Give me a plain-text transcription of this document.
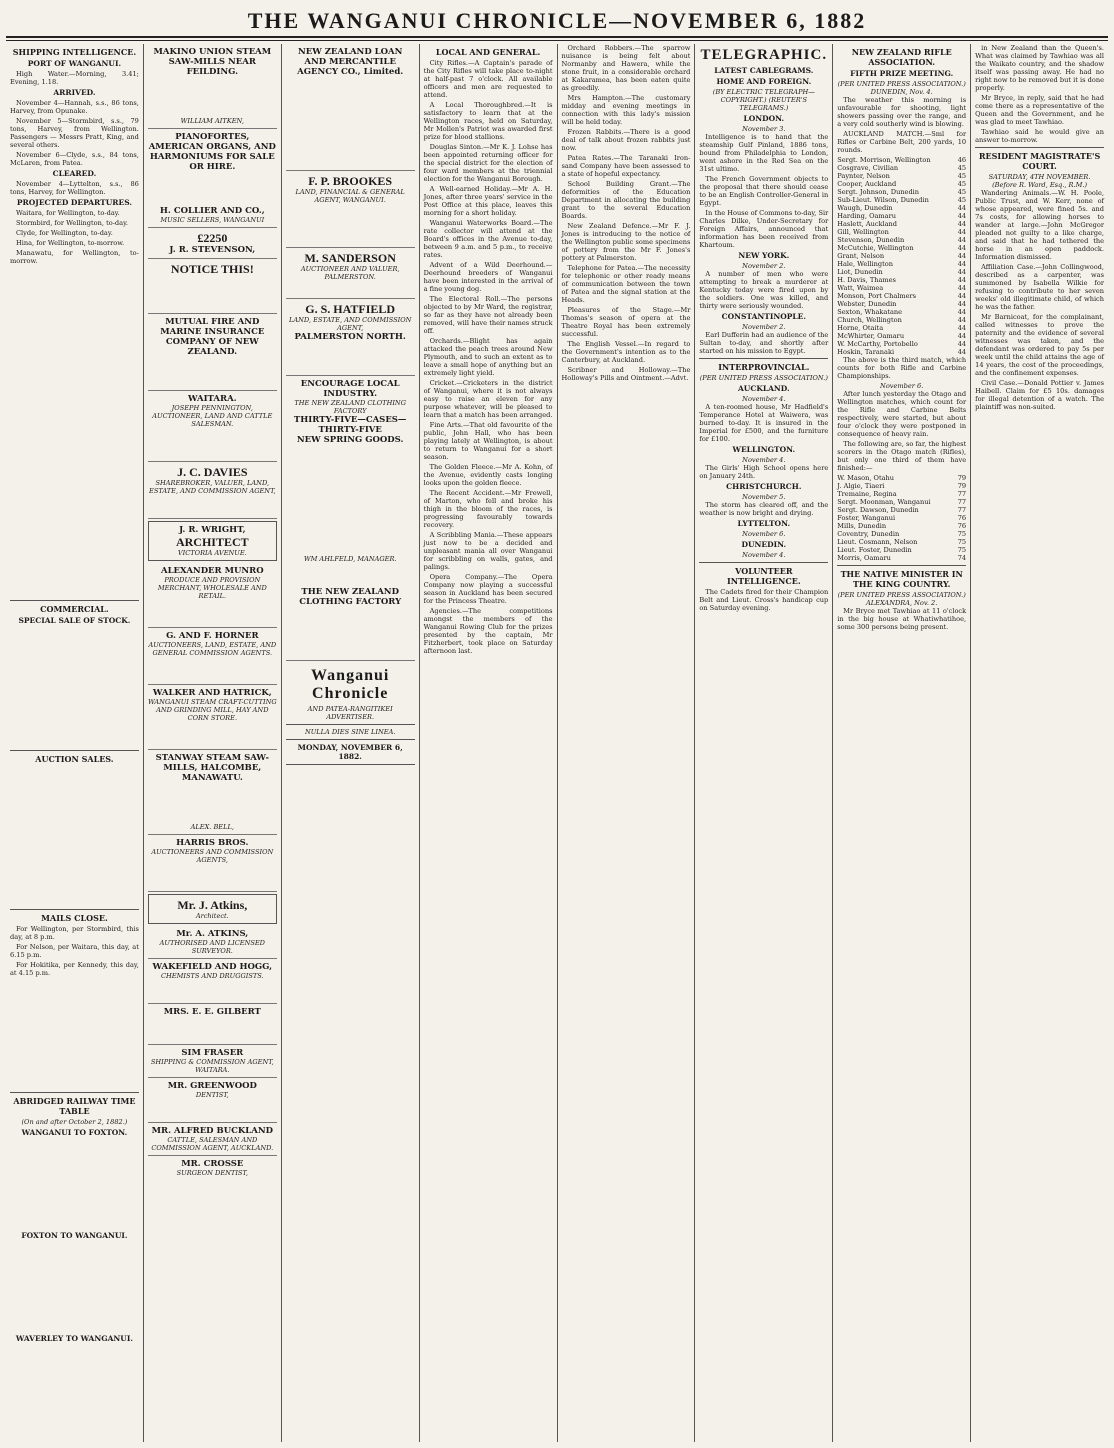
THE WANGANUI CHRONICLE—NOVEMBER 6, 1882
SHIPPING INTELLIGENCE.
PORT OF WANGANUI.

High Water.—Morning, 3.41; Evening, 1.18.

ARRIVED.

November 4—Hannah, s.s., 86 tons, Harvey, from Opunake.

November 5—Stormbird, s.s., 79 tons, Harvey, from Wellington. Passengers — Messrs Pratt, King, and several others.

November 6—Clyde, s.s., 84 tons, McLaren, from Patea.

CLEARED.

November 4—Lyttelton, s.s., 86 tons, Harvey, for Wellington.

PROJECTED DEPARTURES.

Waitara, for Wellington, to-day.

Stormbird, for Wellington, to-day.

Clyde, for Wellington, to-day.

Hina, for Wellington, to-morrow.

Manawatu, for Wellington, to-morrow.

COMMERCIAL.
SPECIAL SALE OF STOCK.
AUCTION SALES.
MAILS CLOSE.

For Wellington, per Stormbird, this day, at 8 p.m.

For Nelson, per Waitara, this day, at 6.15 p.m.

For Hokitika, per Kennedy, this day, at 4.15 p.m.

ABRIDGED RAILWAY TIME TABLE
(On and after October 2, 1882.)
WANGANUI TO FOXTON.
FOXTON TO WANGANUI.
WAVERLEY TO WANGANUI.
MAKINO UNION STEAM SAW-MILLS NEAR FEILDING.
WILLIAM AITKEN,
PIANOFORTES, AMERICAN ORGANS, AND HARMONIUMS FOR SALE OR HIRE.
H. COLLIER AND CO.,
MUSIC SELLERS, WANGANUI
£2250
J. R. STEVENSON,
NOTICE THIS!
MUTUAL FIRE AND MARINE INSURANCE COMPANY OF NEW ZEALAND.
WAITARA.
JOSEPH PENNINGTON,
AUCTIONEER, LAND AND CATTLE SALESMAN.
J. C. DAVIES
SHAREBROKER, VALUER, LAND, ESTATE, AND COMMISSION AGENT,
J. R. WRIGHT,
ARCHITECT
VICTORIA AVENUE.
ALEXANDER MUNRO
PRODUCE AND PROVISION MERCHANT, WHOLESALE AND RETAIL.
G. AND F. HORNER
AUCTIONEERS, LAND, ESTATE, AND GENERAL COMMISSION AGENTS.
WALKER AND HATRICK,
WANGANUI STEAM CRAFT-CUTTING AND GRINDING MILL, HAY AND CORN STORE.
STANWAY STEAM SAW-MILLS, HALCOMBE, MANAWATU.
ALEX. BELL,
HARRIS BROS.
AUCTIONEERS AND COMMISSION AGENTS,
Mr. J. Atkins,
Architect.
Mr. A. ATKINS,
AUTHORISED AND LICENSED SURVEYOR.
WAKEFIELD AND HOGG,
CHEMISTS AND DRUGGISTS.
MRS. E. E. GILBERT
SIM FRASER
SHIPPING & COMMISSION AGENT, WAITARA.
MR. GREENWOOD
DENTIST,
MR. ALFRED BUCKLAND
CATTLE, SALESMAN AND COMMISSION AGENT, AUCKLAND.
MR. CROSSE
SURGEON DENTIST,
NEW ZEALAND LOAN AND MERCANTILE AGENCY CO., Limited.
F. P. BROOKES
LAND, FINANCIAL & GENERAL AGENT, WANGANUI.
M. SANDERSON
AUCTIONEER AND VALUER, PALMERSTON.
G. S. HATFIELD
LAND, ESTATE, AND COMMISSION AGENT,
PALMERSTON NORTH.
ENCOURAGE LOCAL INDUSTRY.
THE NEW ZEALAND CLOTHING FACTORY
THIRTY-FIVE—CASES—THIRTY-FIVE
NEW SPRING GOODS.
WM AHLFELD, MANAGER.
THE NEW ZEALAND CLOTHING FACTORY
Wanganui Chronicle
AND PATEA-RANGITIKEI ADVERTISER.
NULLA DIES SINE LINEA.
MONDAY, NOVEMBER 6, 1882.
LOCAL AND GENERAL.

City Rifles.—A Captain's parade of the City Rifles will take place to-night at half-past 7 o'clock. All available officers and men are requested to attend.

A Local Thoroughbred.—It is satisfactory to learn that at the Wellington races, held on Saturday, Mr Mollen's Patriot was awarded first prize for blood stallions.

Douglas Sinton.—Mr K. J. Lohse has been appointed returning officer for the special district for the election of four ward members at the triennial election for the Wanganui Borough.

A Well-earned Holiday.—Mr A. H. Jones, after three years' service in the Post Office at this place, leaves this morning for a short holiday.

Wanganui Waterworks Board.—The rate collector will attend at the Board's offices in the Avenue to-day, between 9 a.m. and 5 p.m., to receive rates.

Advent of a Wild Deerhound.—Deerhound breeders of Wanganui have been interested in the arrival of a fine young dog.

The Electoral Roll.—The persons objected to by Mr Ward, the registrar, so far as they have not already been removed, will have their names struck off.

Orchards.—Blight has again attacked the peach trees around New Plymouth, and to such an extent as to leave a small hope of anything but an extremely light yield.

Cricket.—Cricketers in the district of Wanganui, where it is not always easy to raise an eleven for any purpose whatever, will be pleased to learn that a match has been arranged.

Fine Arts.—That old favourite of the public, John Hall, who has been playing lately at Wellington, is about to return to Wanganui for a short season.

The Golden Fleece.—Mr A. Kohn, of the Avenue, evidently casts longing looks upon the golden fleece.

The Recent Accident.—Mr Frewell, of Marton, who fell and broke his thigh in the bloom of the races, is progressing favourably towards recovery.

A Scribbling Mania.—These appears just now to be a decided and unpleasant mania all over Wanganui for scribbling on walls, gates, and palings.

Opera Company.—The Opera Company now playing a successful season in Auckland has been secured for the Princess Theatre.

Agencies.—The competitions amongst the members of the Wanganui Rowing Club for the prizes presented by the captain, Mr Fitzherbert, took place on Saturday afternoon last.

Orchard Robbers.—The sparrow nuisance is being felt about Normanby and Hawera, while the stone fruit, in a considerable orchard at Kakaramea, has been eaten quite as greedily.

Mrs Hampton.—The customary midday and evening meetings in connection with this lady's mission will be held today.

Frozen Rabbits.—There is a good deal of talk about frozen rabbits just now.

Patea Rates.—The Taranaki Iron-sand Company have been assessed to a state of hopeful expectancy.

School Building Grant.—The deformities of the Education Department in allocating the building grant to the several Education Boards.

New Zealand Defence.—Mr F. J. Jones is introducing to the notice of the Wellington public some specimens of pottery from the Mr F. Jones's pottery at Palmerston.

Telephone for Patea.—The necessity for telephonic or other ready means of communication between the town of Patea and the signal station at the Heads.

Pleasures of the Stage.—Mr Thomas's season of opera at the Theatre Royal has been extremely successful.

The English Vessel.—In regard to the Government's intention as to the Canterbury, at Auckland.

Scribner and Holloway.—The Holloway's Pills and Ointment.—Advt.

TELEGRAPHIC.
LATEST CABLEGRAMS.
HOME AND FOREIGN.
(BY ELECTRIC TELEGRAPH—COPYRIGHT.) (REUTER'S TELEGRAMS.)
LONDON.
November 3.

Intelligence is to hand that the steamship Gulf Pinland, 1886 tons, bound from Philadelphia to London, went ashore in the Red Sea on the 31st ultimo.

The French Government objects to the proposal that there should cease to be an English Controller-General in Egypt.

In the House of Commons to-day, Sir Charles Dilke, Under-Secretary for Foreign Affairs, announced that information has been received from Khartoum.

NEW YORK.
November 2.

A number of men who were attempting to break a murderer at Kentucky today were fired upon by the soldiers. One was killed, and thirty were seriously wounded.

CONSTANTINOPLE.
November 2.

Earl Dufferin had an audience of the Sultan to-day, and shortly after started on his mission to Egypt.

INTERPROVINCIAL.
(PER UNITED PRESS ASSOCIATION.)
AUCKLAND.
November 4.

A ten-roomed house, Mr Hadfield's Temperance Hotel at Waiwera, was burned to-day. It is insured in the Imperial for £500, and the furniture for £100.

WELLINGTON.
November 4.

The Girls' High School opens here on January 24th.

CHRISTCHURCH.
November 5.

The storm has cleared off, and the weather is now bright and drying.

LYTTELTON.
November 6.
DUNEDIN.
November 4.
VOLUNTEER INTELLIGENCE.

The Cadets fired for their Champion Belt and Lieut. Cross's handicap cup on Saturday evening.

NEW ZEALAND RIFLE ASSOCIATION.
FIFTH PRIZE MEETING.
(PER UNITED PRESS ASSOCIATION.)
DUNEDIN, Nov. 4.

The weather this morning is unfavourable for shooting, light showers passing over the range, and a very cold southerly wind is blowing.

AUCKLAND MATCH.—Sml for Rifles or Carbine Belt, 200 yards, 10 rounds.

Sergt. Morrison, Wellington	46
Cosgrave, Civilian	45
Paynter, Nelson	45
Cooper, Auckland	45
Sergt. Johnson, Dunedin	45
Sub-Lieut. Wilson, Dunedin	45
Waugh, Dunedin	44
Harding, Oamaru	44
Haslett, Auckland	44
Gill, Wellington	44
Stevenson, Dunedin	44
McCutchie, Wellington	44
Grant, Nelson	44
Hale, Wellington	44
Liot, Dunedin	44
H. Davis, Thames	44
Watt, Waimea	44
Monson, Port Chalmers	44
Webster, Dunedin	44
Sexton, Whakatane	44
Church, Wellington	44
Horne, Otaita	44
McWhirter, Oamaru	44
W. McCarthy, Portobello	44
Hoskin, Taranaki	44

The above is the third match, which counts for both Rifle and Carbine Championships.

November 6.

After lunch yesterday the Otago and Wellington matches, which count for the Rifle and Carbine Belts respectively, were started, but about four o'clock they were postponed in consequence of heavy rain.

The following are, so far, the highest scorers in the Otago match (Rifles), but only one third of them have finished:—

W. Mason, Otahu	79
J. Algie, Tiaeri	79
Tremaine, Regina	77
Sergt. Moonman, Wanganui	77
Sergt. Dawson, Dunedin	77
Foster, Wanganui	76
Mills, Dunedin	76
Coventry, Dunedin	75
Lieut. Cosmann, Nelson	75
Lieut. Foster, Dunedin	75
Morris, Oamaru	74
THE NATIVE MINISTER IN THE KING COUNTRY.
(PER UNITED PRESS ASSOCIATION.)
ALEXANDRA, Nov. 2.

Mr Bryce met Tawhiao at 11 o'clock in the big house at Whatiwhatihoe, some 300 persons being present.

in New Zealand than the Queen's. What was claimed by Tawhiao was all the Waikato country, and the shadow itself was passing away. He had no right now to be removed but it is done properly.

Mr Bryce, in reply, said that he had come there as a representative of the Queen and the Government, and he was glad to meet Tawhiao.

Tawhiao said he would give an answer to-morrow.

RESIDENT MAGISTRATE'S COURT.
SATURDAY, 4TH NOVEMBER.
(Before R. Ward, Esq., R.M.)

Wandering Animals.—W. H. Poole, Public Trust, and W. Kerr, none of whose appeared, were fined 5s. and 7s costs, for allowing horses to wander at large.—John McGregor pleaded not guilty to a like charge, and said that he had tethered the horse in an open paddock. Information dismissed.

Affiliation Case.—John Collingwood, described as a carpenter, was summoned by Isabella Wilkie for refusing to contribute to her seven weeks' old illegitimate child, of which he was the father.

Mr Barnicoat, for the complainant, called witnesses to prove the paternity and the evidence of several witnesses was taken, and the defendant was ordered to pay 5s per week until the child attains the age of 14 years, the cost of the proceedings, and the confinement expenses.

Civil Case.—Donald Pottier v. James Haibell. Claim for £5 10s. damages for illegal detention of a watch. The plaintiff was non-suited.
